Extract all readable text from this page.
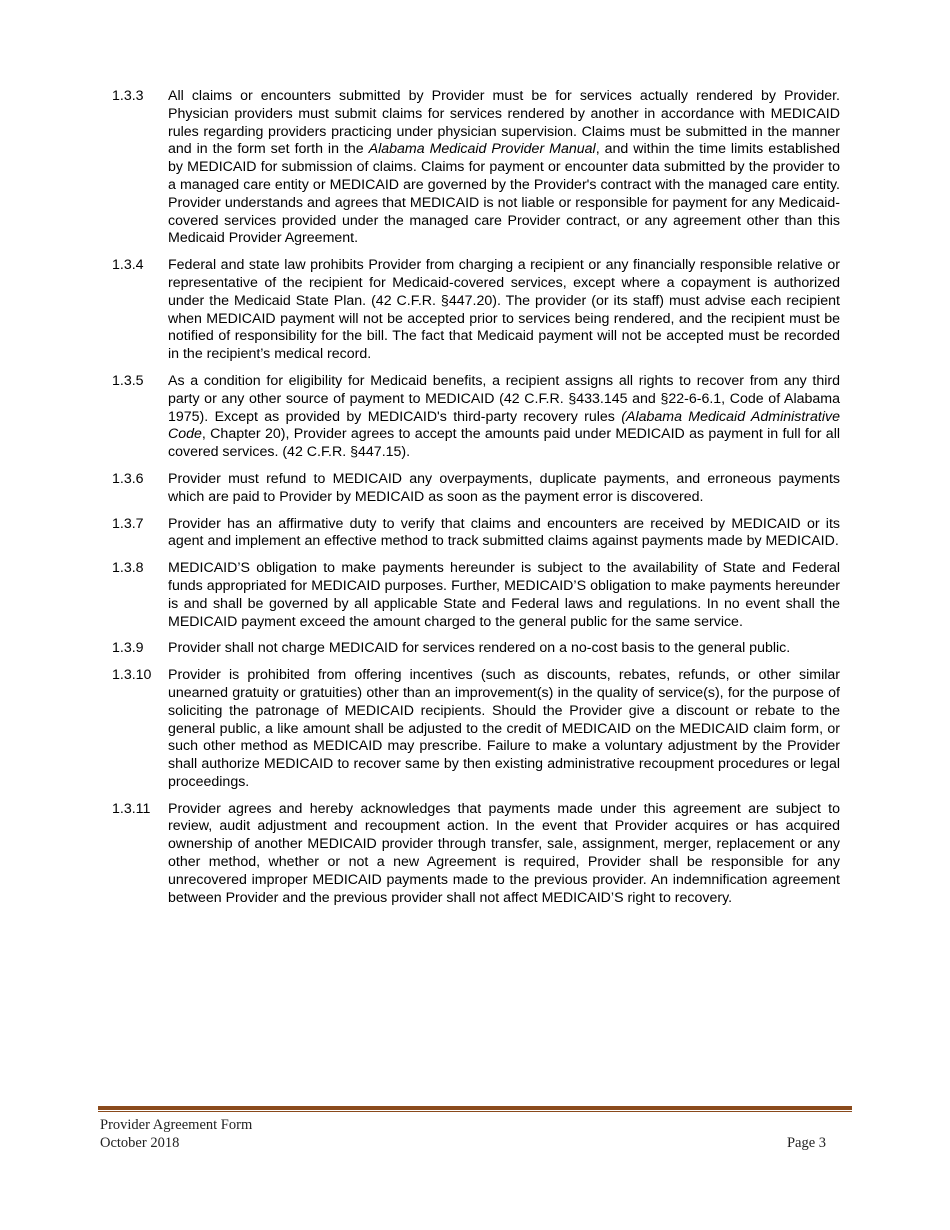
1.3.3	All claims or encounters submitted by Provider must be for services actually rendered by Provider. Physician providers must submit claims for services rendered by another in accordance with MEDICAID rules regarding providers practicing under physician supervision. Claims must be submitted in the manner and in the form set forth in the Alabama Medicaid Provider Manual, and within the time limits established by MEDICAID for submission of claims. Claims for payment or encounter data submitted by the provider to a managed care entity or MEDICAID are governed by the Provider's contract with the managed care entity. Provider understands and agrees that MEDICAID is not liable or responsible for payment for any Medicaid-covered services provided under the managed care Provider contract, or any agreement other than this Medicaid Provider Agreement.
1.3.4	Federal and state law prohibits Provider from charging a recipient or any financially responsible relative or representative of the recipient for Medicaid-covered services, except where a copayment is authorized under the Medicaid State Plan. (42 C.F.R. §447.20). The provider (or its staff) must advise each recipient when MEDICAID payment will not be accepted prior to services being rendered, and the recipient must be notified of responsibility for the bill. The fact that Medicaid payment will not be accepted must be recorded in the recipient’s medical record.
1.3.5	As a condition for eligibility for Medicaid benefits, a recipient assigns all rights to recover from any third party or any other source of payment to MEDICAID (42 C.F.R. §433.145 and §22-6-6.1, Code of Alabama 1975). Except as provided by MEDICAID's third-party recovery rules (Alabama Medicaid Administrative Code, Chapter 20), Provider agrees to accept the amounts paid under MEDICAID as payment in full for all covered services. (42 C.F.R. §447.15).
1.3.6	Provider must refund to MEDICAID any overpayments, duplicate payments, and erroneous payments which are paid to Provider by MEDICAID as soon as the payment error is discovered.
1.3.7	Provider has an affirmative duty to verify that claims and encounters are received by MEDICAID or its agent and implement an effective method to track submitted claims against payments made by MEDICAID.
1.3.8	MEDICAID’S obligation to make payments hereunder is subject to the availability of State and Federal funds appropriated for MEDICAID purposes. Further, MEDICAID’S obligation to make payments hereunder is and shall be governed by all applicable State and Federal laws and regulations. In no event shall the MEDICAID payment exceed the amount charged to the general public for the same service.
1.3.9	Provider shall not charge MEDICAID for services rendered on a no-cost basis to the general public.
1.3.10	Provider is prohibited from offering incentives (such as discounts, rebates, refunds, or other similar unearned gratuity or gratuities) other than an improvement(s) in the quality of service(s), for the purpose of soliciting the patronage of MEDICAID recipients. Should the Provider give a discount or rebate to the general public, a like amount shall be adjusted to the credit of MEDICAID on the MEDICAID claim form, or such other method as MEDICAID may prescribe. Failure to make a voluntary adjustment by the Provider shall authorize MEDICAID to recover same by then existing administrative recoupment procedures or legal proceedings.
1.3.11	Provider agrees and hereby acknowledges that payments made under this agreement are subject to review, audit adjustment and recoupment action. In the event that Provider acquires or has acquired ownership of another MEDICAID provider through transfer, sale, assignment, merger, replacement or any other method, whether or not a new Agreement is required, Provider shall be responsible for any unrecovered improper MEDICAID payments made to the previous provider. An indemnification agreement between Provider and the previous provider shall not affect MEDICAID’S right to recovery.
Provider Agreement Form
October 2018	Page 3
